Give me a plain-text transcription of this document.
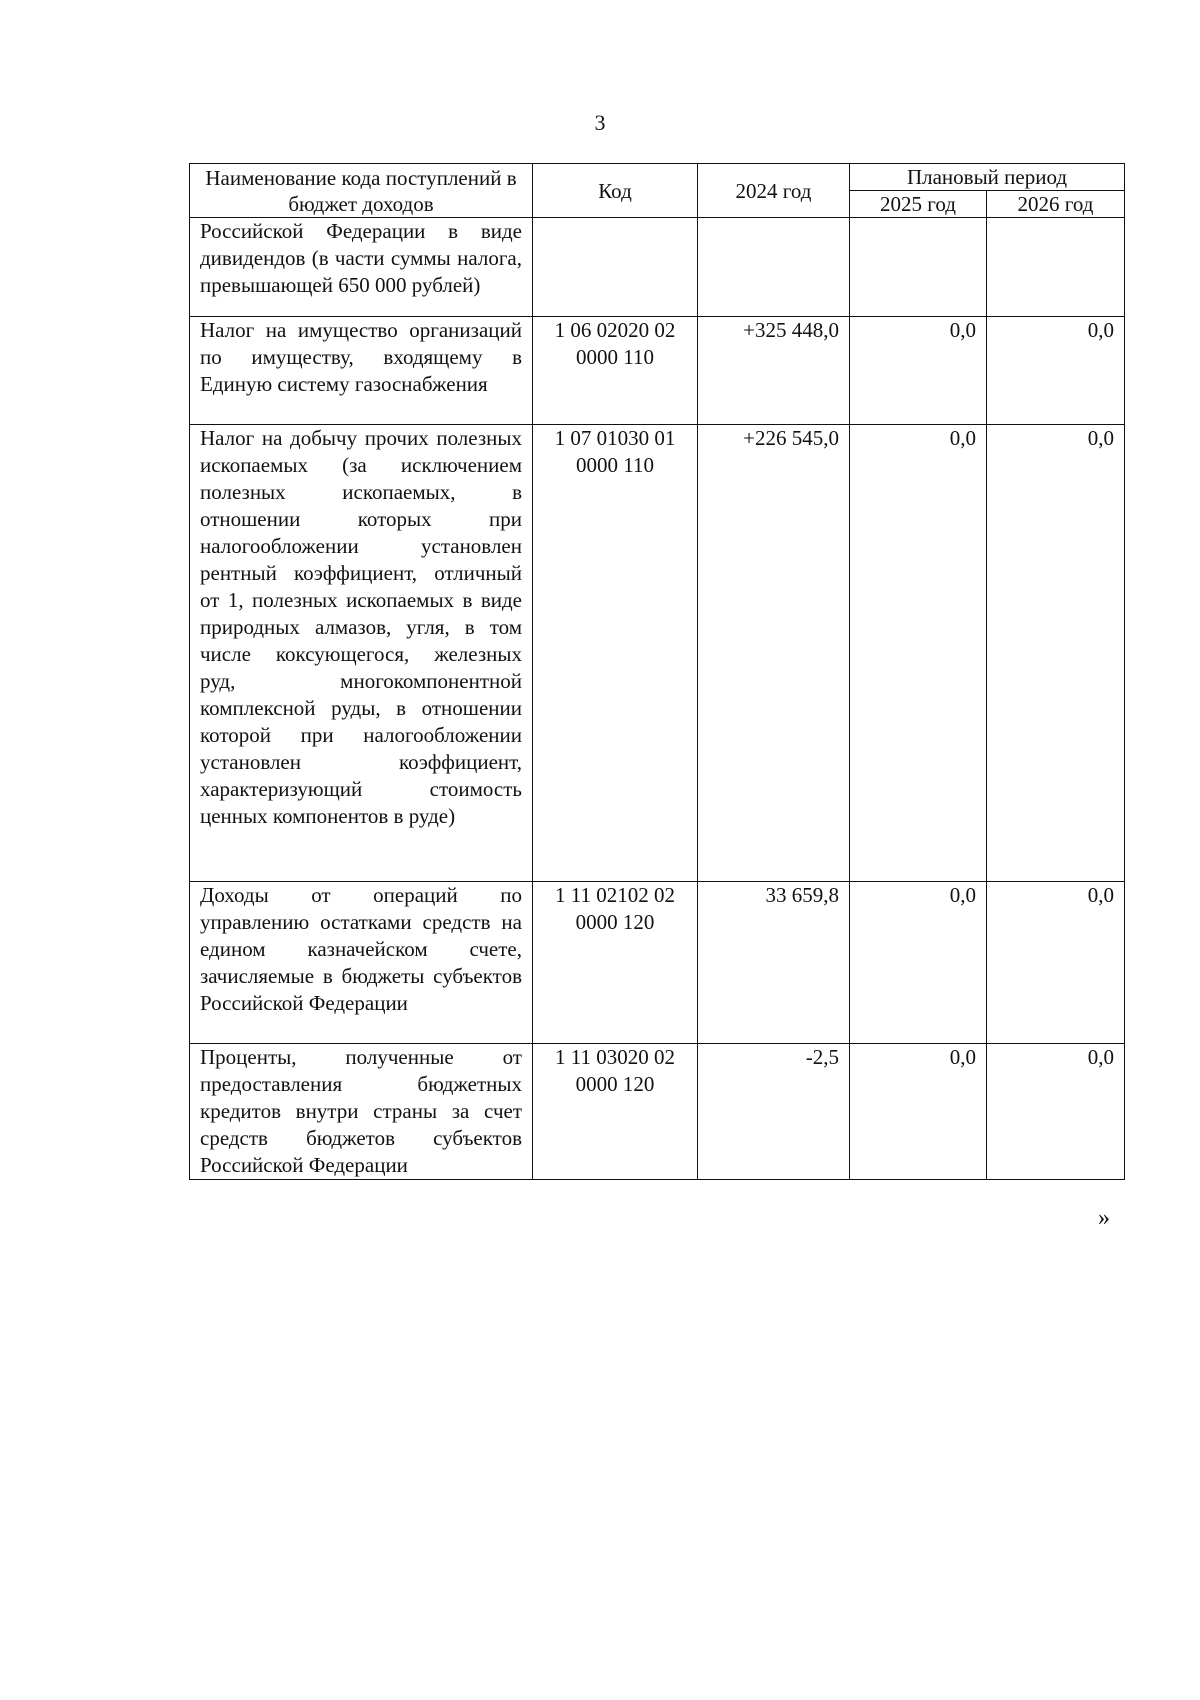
3
Наименование кода поступлений в бюджет доходов	Код	2024 год	Плановый период	
			2025 год	2026 год
Российской Федерации в виде дивидендов (в части суммы налога, превышающей 650 000 рублей)				
Налог на имущество организаций по имуществу, входящему в Единую систему газоснабжения	1 06 02020 02 0000 110	+325 448,0	0,0	0,0
Налог на добычу прочих полезных ископаемых (за исключением полезных ископаемых, в отношении которых при налогообложении установлен рентный коэффициент, отличный от 1, полезных ископаемых в виде природных алмазов, угля, в том числе коксующегося, железных руд, многокомпонентной комплексной руды, в отношении которой при налогообложении установлен коэффициент, характеризующий стоимость ценных компонентов в руде)	1 07 01030 01 0000 110	+226 545,0	0,0	0,0
Доходы от операций по управлению остатками средств на едином казначейском счете, зачисляемые в бюджеты субъектов Российской Федерации	1 11 02102 02 0000 120	33 659,8	0,0	0,0
Проценты, полученные от предоставления бюджетных кредитов внутри страны за счет средств бюджетов субъектов Российской Федерации	1 11 03020 02 0000 120	-2,5	0,0	0,0
»
